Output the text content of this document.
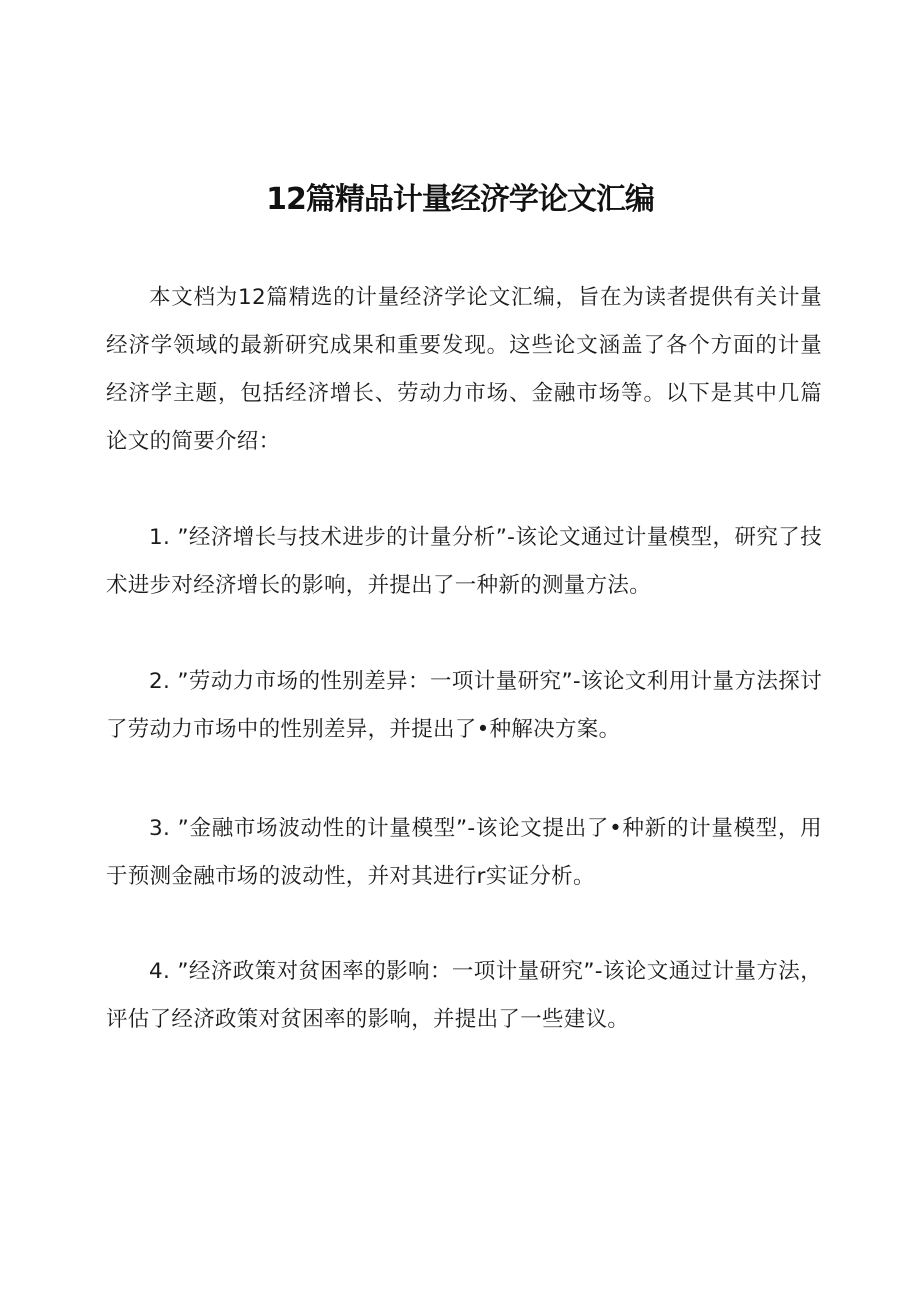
12篇精品计量经济学论文汇编

本文档为12篇精选的计量经济学论文汇编，旨在为读者提供有关计量经济学领域的最新研究成果和重要发现。这些论文涵盖了各个方面的计量经济学主题，包括经济增长、劳动力市场、金融市场等。以下是其中几篇论文的简要介绍：

1. ”经济增长与技术进步的计量分析”-该论文通过计量模型，研究了技术进步对经济增长的影响，并提出了一种新的测量方法。

2. ”劳动力市场的性别差异：一项计量研究”-该论文利用计量方法探讨了劳动力市场中的性别差异，并提出了•种解决方案。

3. ”金融市场波动性的计量模型”-该论文提出了•种新的计量模型，用于预测金融市场的波动性，并对其进行r实证分析。

4. ”经济政策对贫困率的影响：一项计量研究”-该论文通过计量方法，评估了经济政策对贫困率的影响，并提出了一些建议。
